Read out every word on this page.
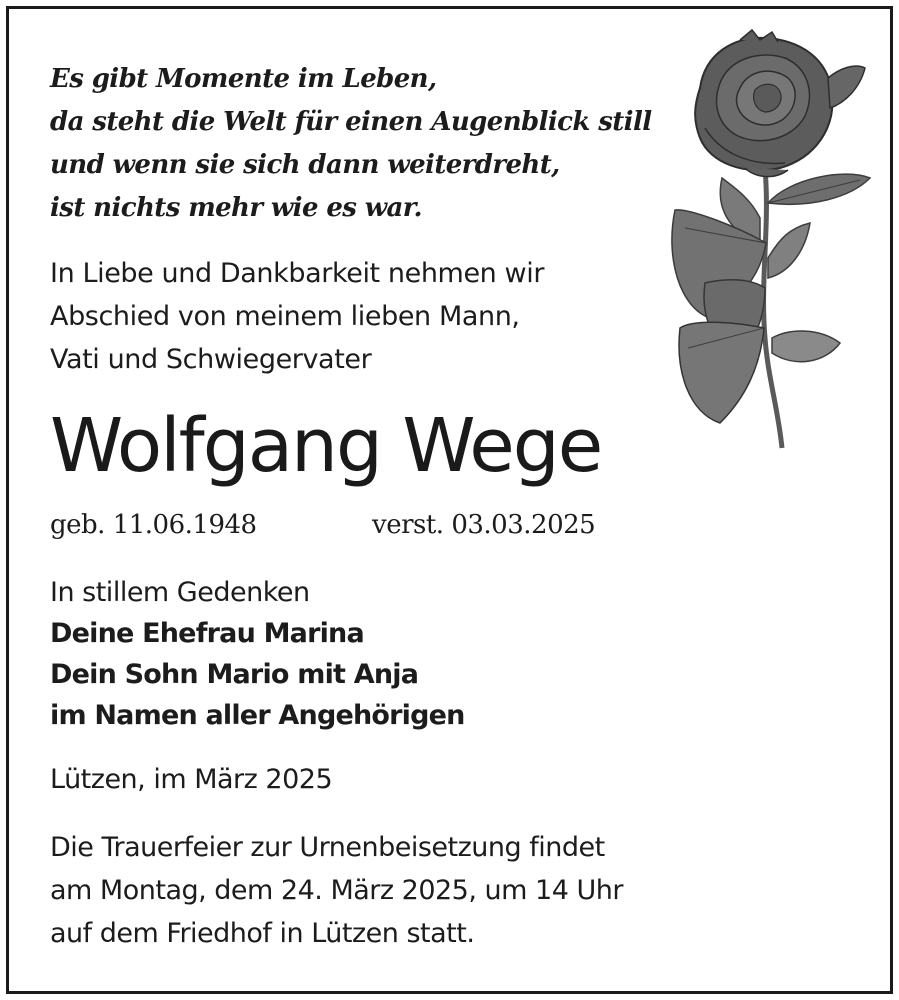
Es gibt Momente im Leben,
da steht die Welt für einen Augenblick still
und wenn sie sich dann weiterdreht,
ist nichts mehr wie es war.
In Liebe und Dankbarkeit nehmen wir
Abschied von meinem lieben Mann,
Vati und Schwiegervater
Wolfgang Wege
geb. 11.06.1948	verst. 03.03.2025
In stillem Gedenken
Deine Ehefrau Marina
Dein Sohn Mario mit Anja
im Namen aller Angehörigen
Lützen, im März 2025
Die Trauerfeier zur Urnenbeisetzung findet
am Montag, dem 24. März 2025, um 14 Uhr
auf dem Friedhof in Lützen statt.
